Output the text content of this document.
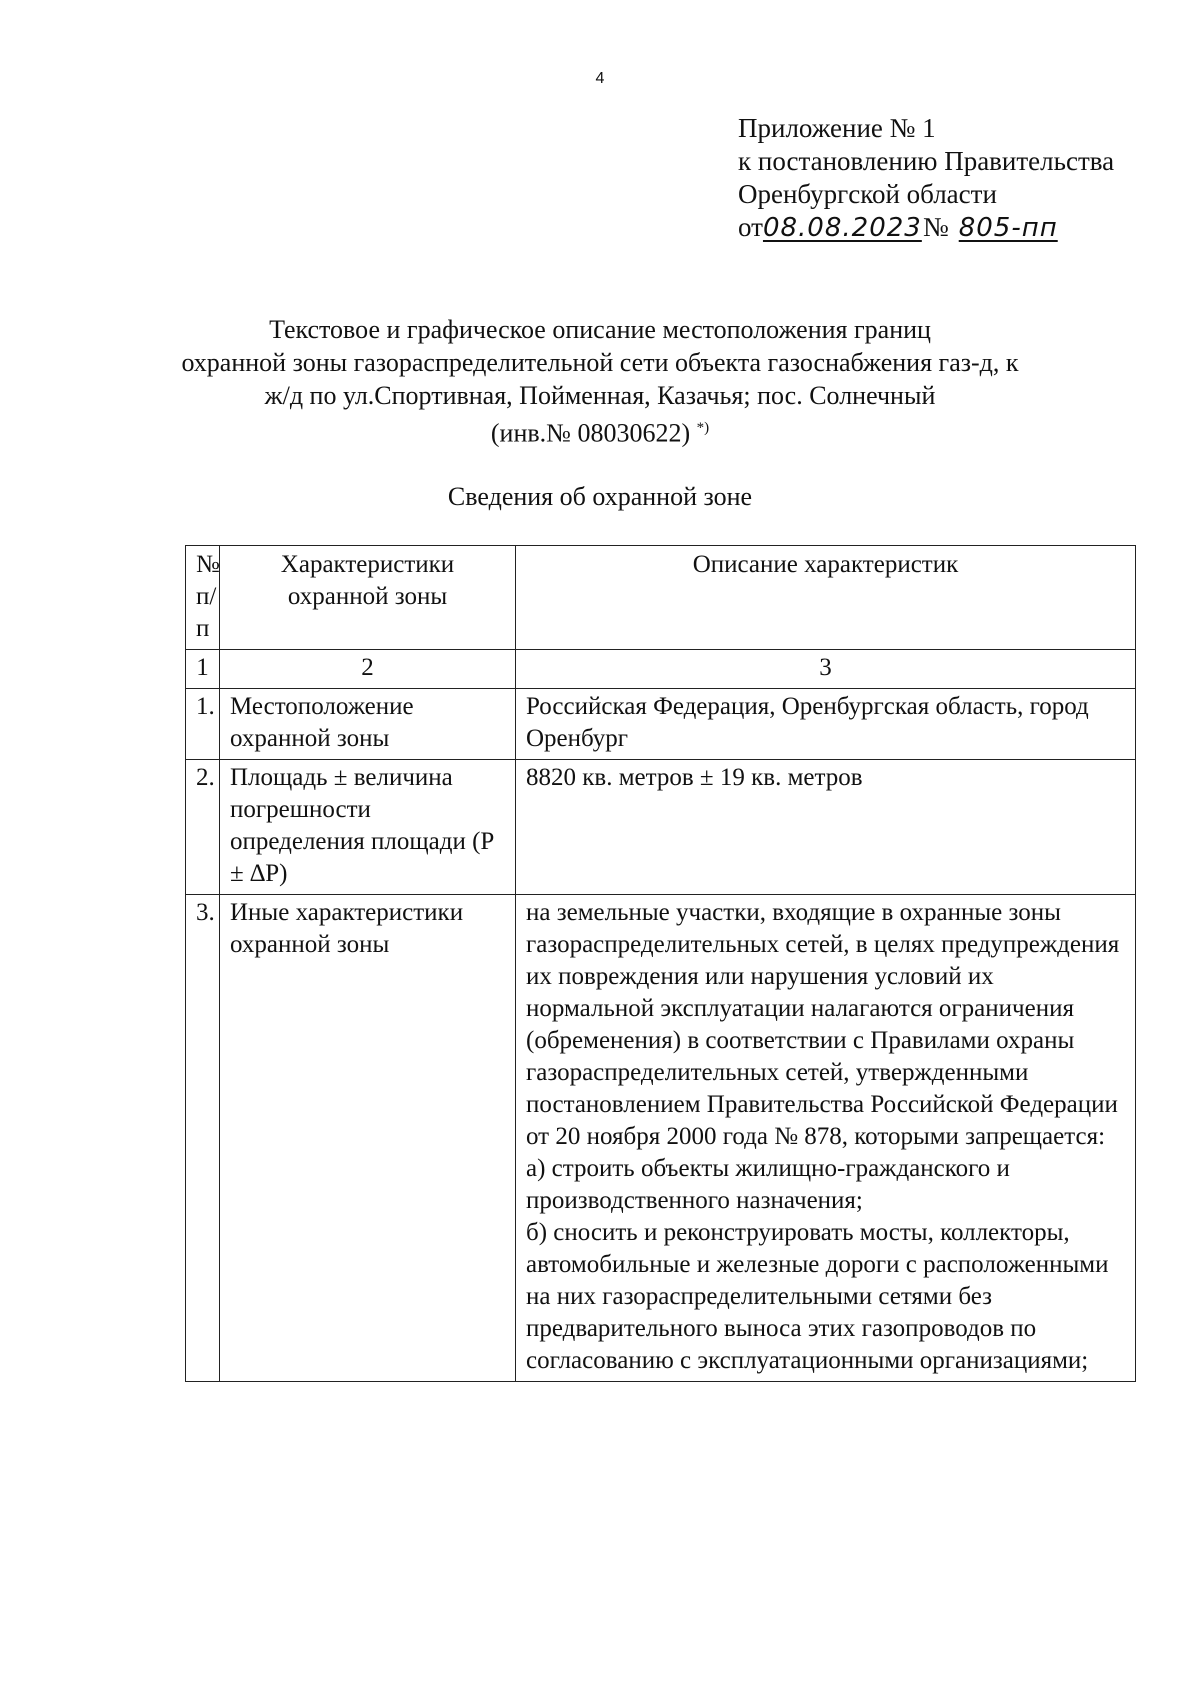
4
Приложение № 1
к постановлению Правительства
Оренбургской области
от08.08.2023№ 805-пп
Текстовое и графическое описание местоположения границ
охранной зоны газораспределительной сети объекта газоснабжения газ-д, к
ж/д по ул.Спортивная, Пойменная, Казачья; пос. Солнечный
(инв.№ 08030622) *)
Сведения об охранной зоне
№ п/п	Характеристики охранной зоны	Описание характеристик
1	2	3
1.	Местоположение охранной зоны	Российская Федерация, Оренбургская область, город Оренбург
2.	Площадь ± величина погрешности определения площади (P ± ∆P)	8820 кв. метров ± 19 кв. метров
3.	Иные характеристики охранной зоны	на земельные участки, входящие в охранные зоны газораспределительных сетей, в целях предупреждения их повреждения или нарушения условий их нормальной эксплуатации налагаются ограничения (обременения) в соответствии с Правилами охраны газораспределительных сетей, утвержденными постановлением Правительства Российской Федерации от 20 ноября 2000 года № 878, которыми запрещается:
а) строить объекты жилищно-гражданского и производственного назначения;
б) сносить и реконструировать мосты, коллекторы, автомобильные и железные дороги с расположенными на них газораспределительными сетями без предварительного выноса этих газопроводов по согласованию с эксплуатационными организациями;
